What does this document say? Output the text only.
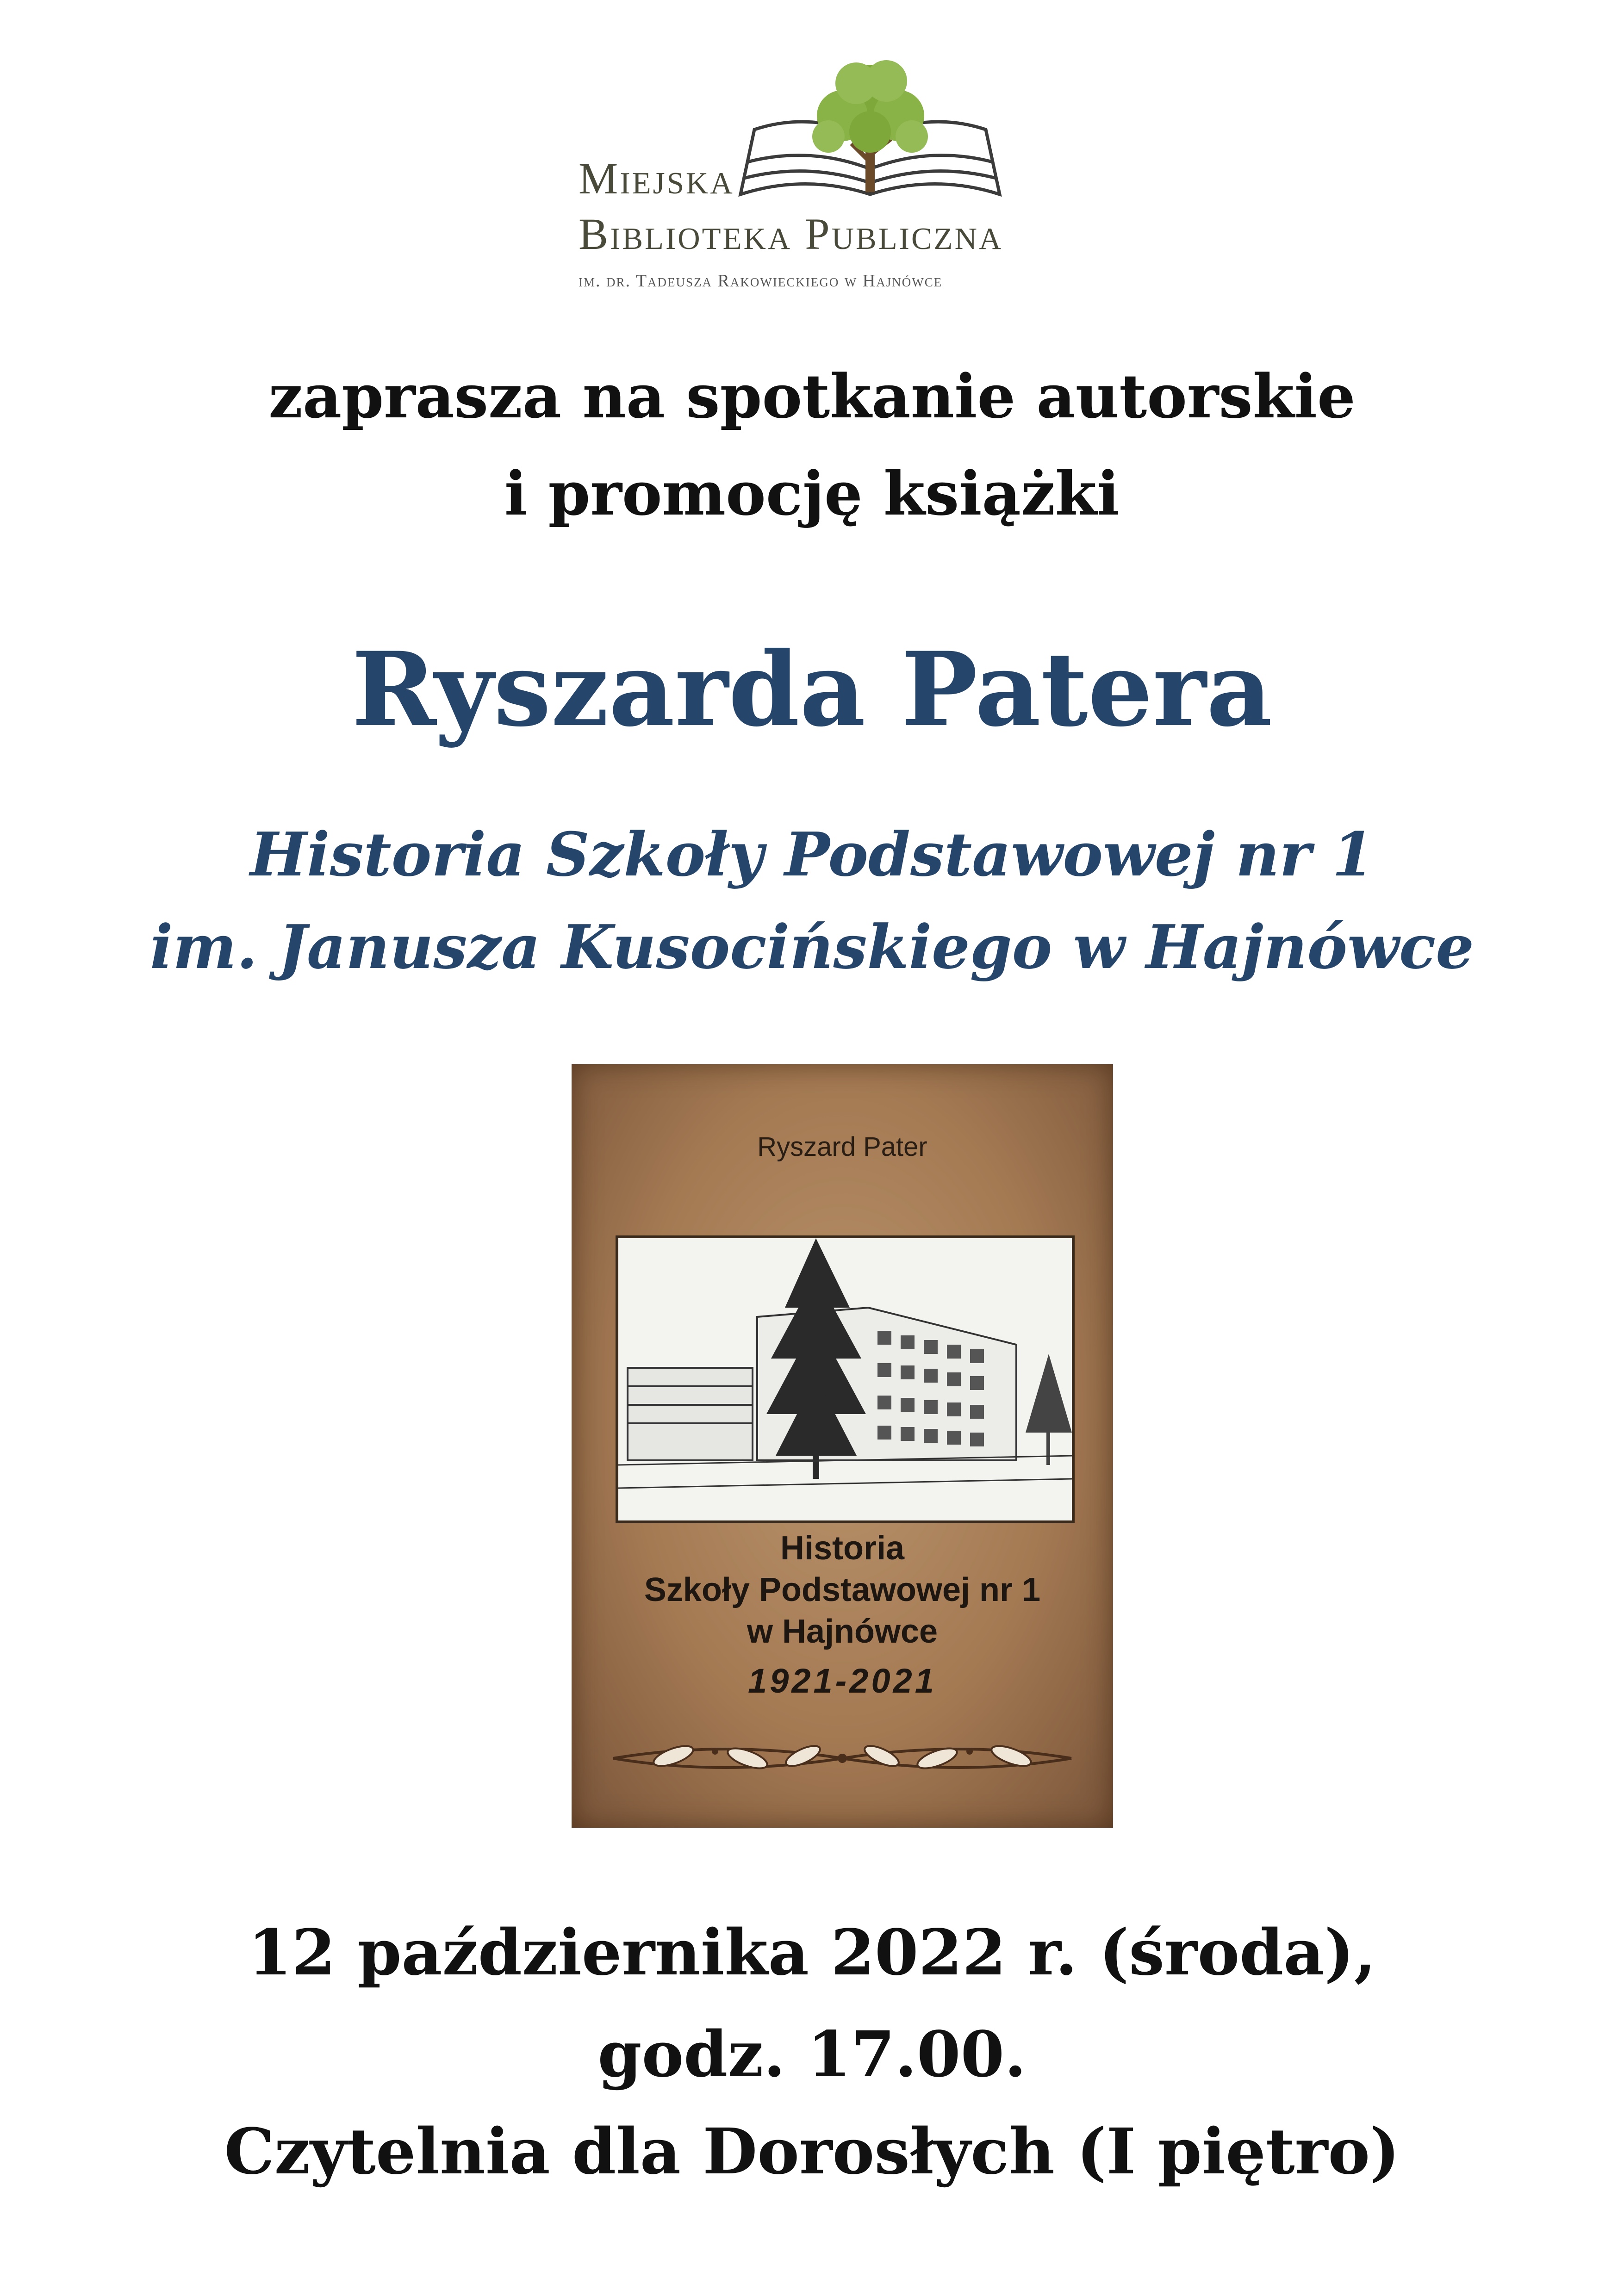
Miejska
Biblioteka Publiczna
im. dr. Tadeusza Rakowieckiego w Hajnówce
zaprasza na spotkanie autorskie
i promocję książki
Ryszarda Patera
Historia Szkoły Podstawowej nr 1
im. Janusza Kusocińskiego w Hajnówce
Ryszard Pater
Historia
Szkoły Podstawowej nr 1
w Hajnówce
1921-2021
12 października 2022 r. (środa),
godz. 17.00.
Czytelnia dla Dorosłych (I piętro)
